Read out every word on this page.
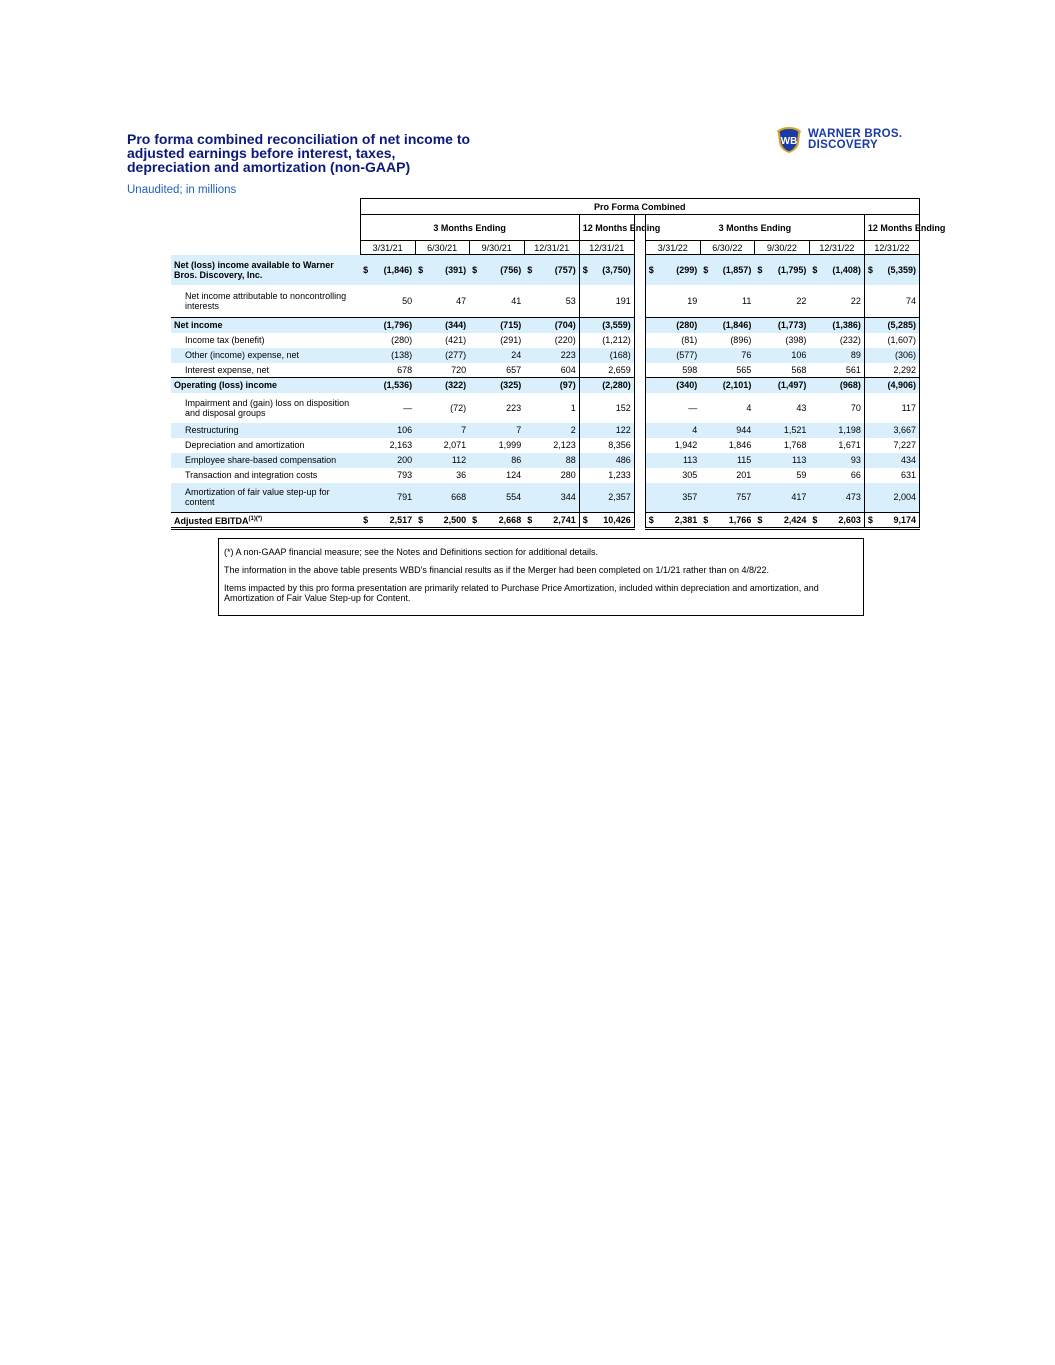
Pro forma combined reconciliation of net income to
adjusted earnings before interest, taxes,
depreciation and amortization (non-GAAP)
Unaudited; in millions
WB
WARNER BROS.
DISCOVERY
	Pro Forma Combined										
	3 Months Ending				12 Months Ending		3 Months Ending				12 Months Ending
	3/31/21	6/30/21	9/30/21	12/31/21	12/31/21		3/31/22	6/30/22	9/30/22	12/31/22	12/31/22
Net (loss) income available to Warner Bros. Discovery, Inc.	$ (1,846)	$ (391)	$ (756)	$ (757)	$ (3,750)		$ (299)	$ (1,857)	$ (1,795)	$ (1,408)	$ (5,359)

Net income attributable to noncontrolling interests	50	47	41	53	191		19	11	22	22	74
Net income	(1,796)	(344)	(715)	(704)	(3,559)		(280)	(1,846)	(1,773)	(1,386)	(5,285)
Income tax (benefit)	(280)	(421)	(291)	(220)	(1,212)		(81)	(896)	(398)	(232)	(1,607)
Other (income) expense, net	(138)	(277)	24	223	(168)		(577)	76	106	89	(306)
Interest expense, net	678	720	657	604	2,659		598	565	568	561	2,292
Operating (loss) income	(1,536)	(322)	(325)	(97)	(2,280)		(340)	(2,101)	(1,497)	(968)	(4,906)
Impairment and (gain) loss on disposition and disposal groups	—	(72)	223	1	152		—	4	43	70	117
Restructuring	106	7	7	2	122		4	944	1,521	1,198	3,667
Depreciation and amortization	2,163	2,071	1,999	2,123	8,356		1,942	1,846	1,768	1,671	7,227
Employee share-based compensation	200	112	86	88	486		113	115	113	93	434
Transaction and integration costs	793	36	124	280	1,233		305	201	59	66	631
Amortization of fair value step-up for content	791	668	554	344	2,357		357	757	417	473	2,004
Adjusted $EBITDA^{(1)(*)}$	$ 2,517	$ 2,500	$ 2,668	$ 2,741	$ 10,426		$ 2,381	$ 1,766	$ 2,424	$ 2,603	$ 9,174

(*) A non-GAAP financial measure; see the Notes and Definitions section for additional details.

The information in the above table presents WBD's financial results as if the Merger had been completed on 1/1/21 rather than on 4/8/22.

Items impacted by this pro forma presentation are primarily related to Purchase Price Amortization, included within depreciation and amortization, and Amortization of Fair Value Step-up for Content.
